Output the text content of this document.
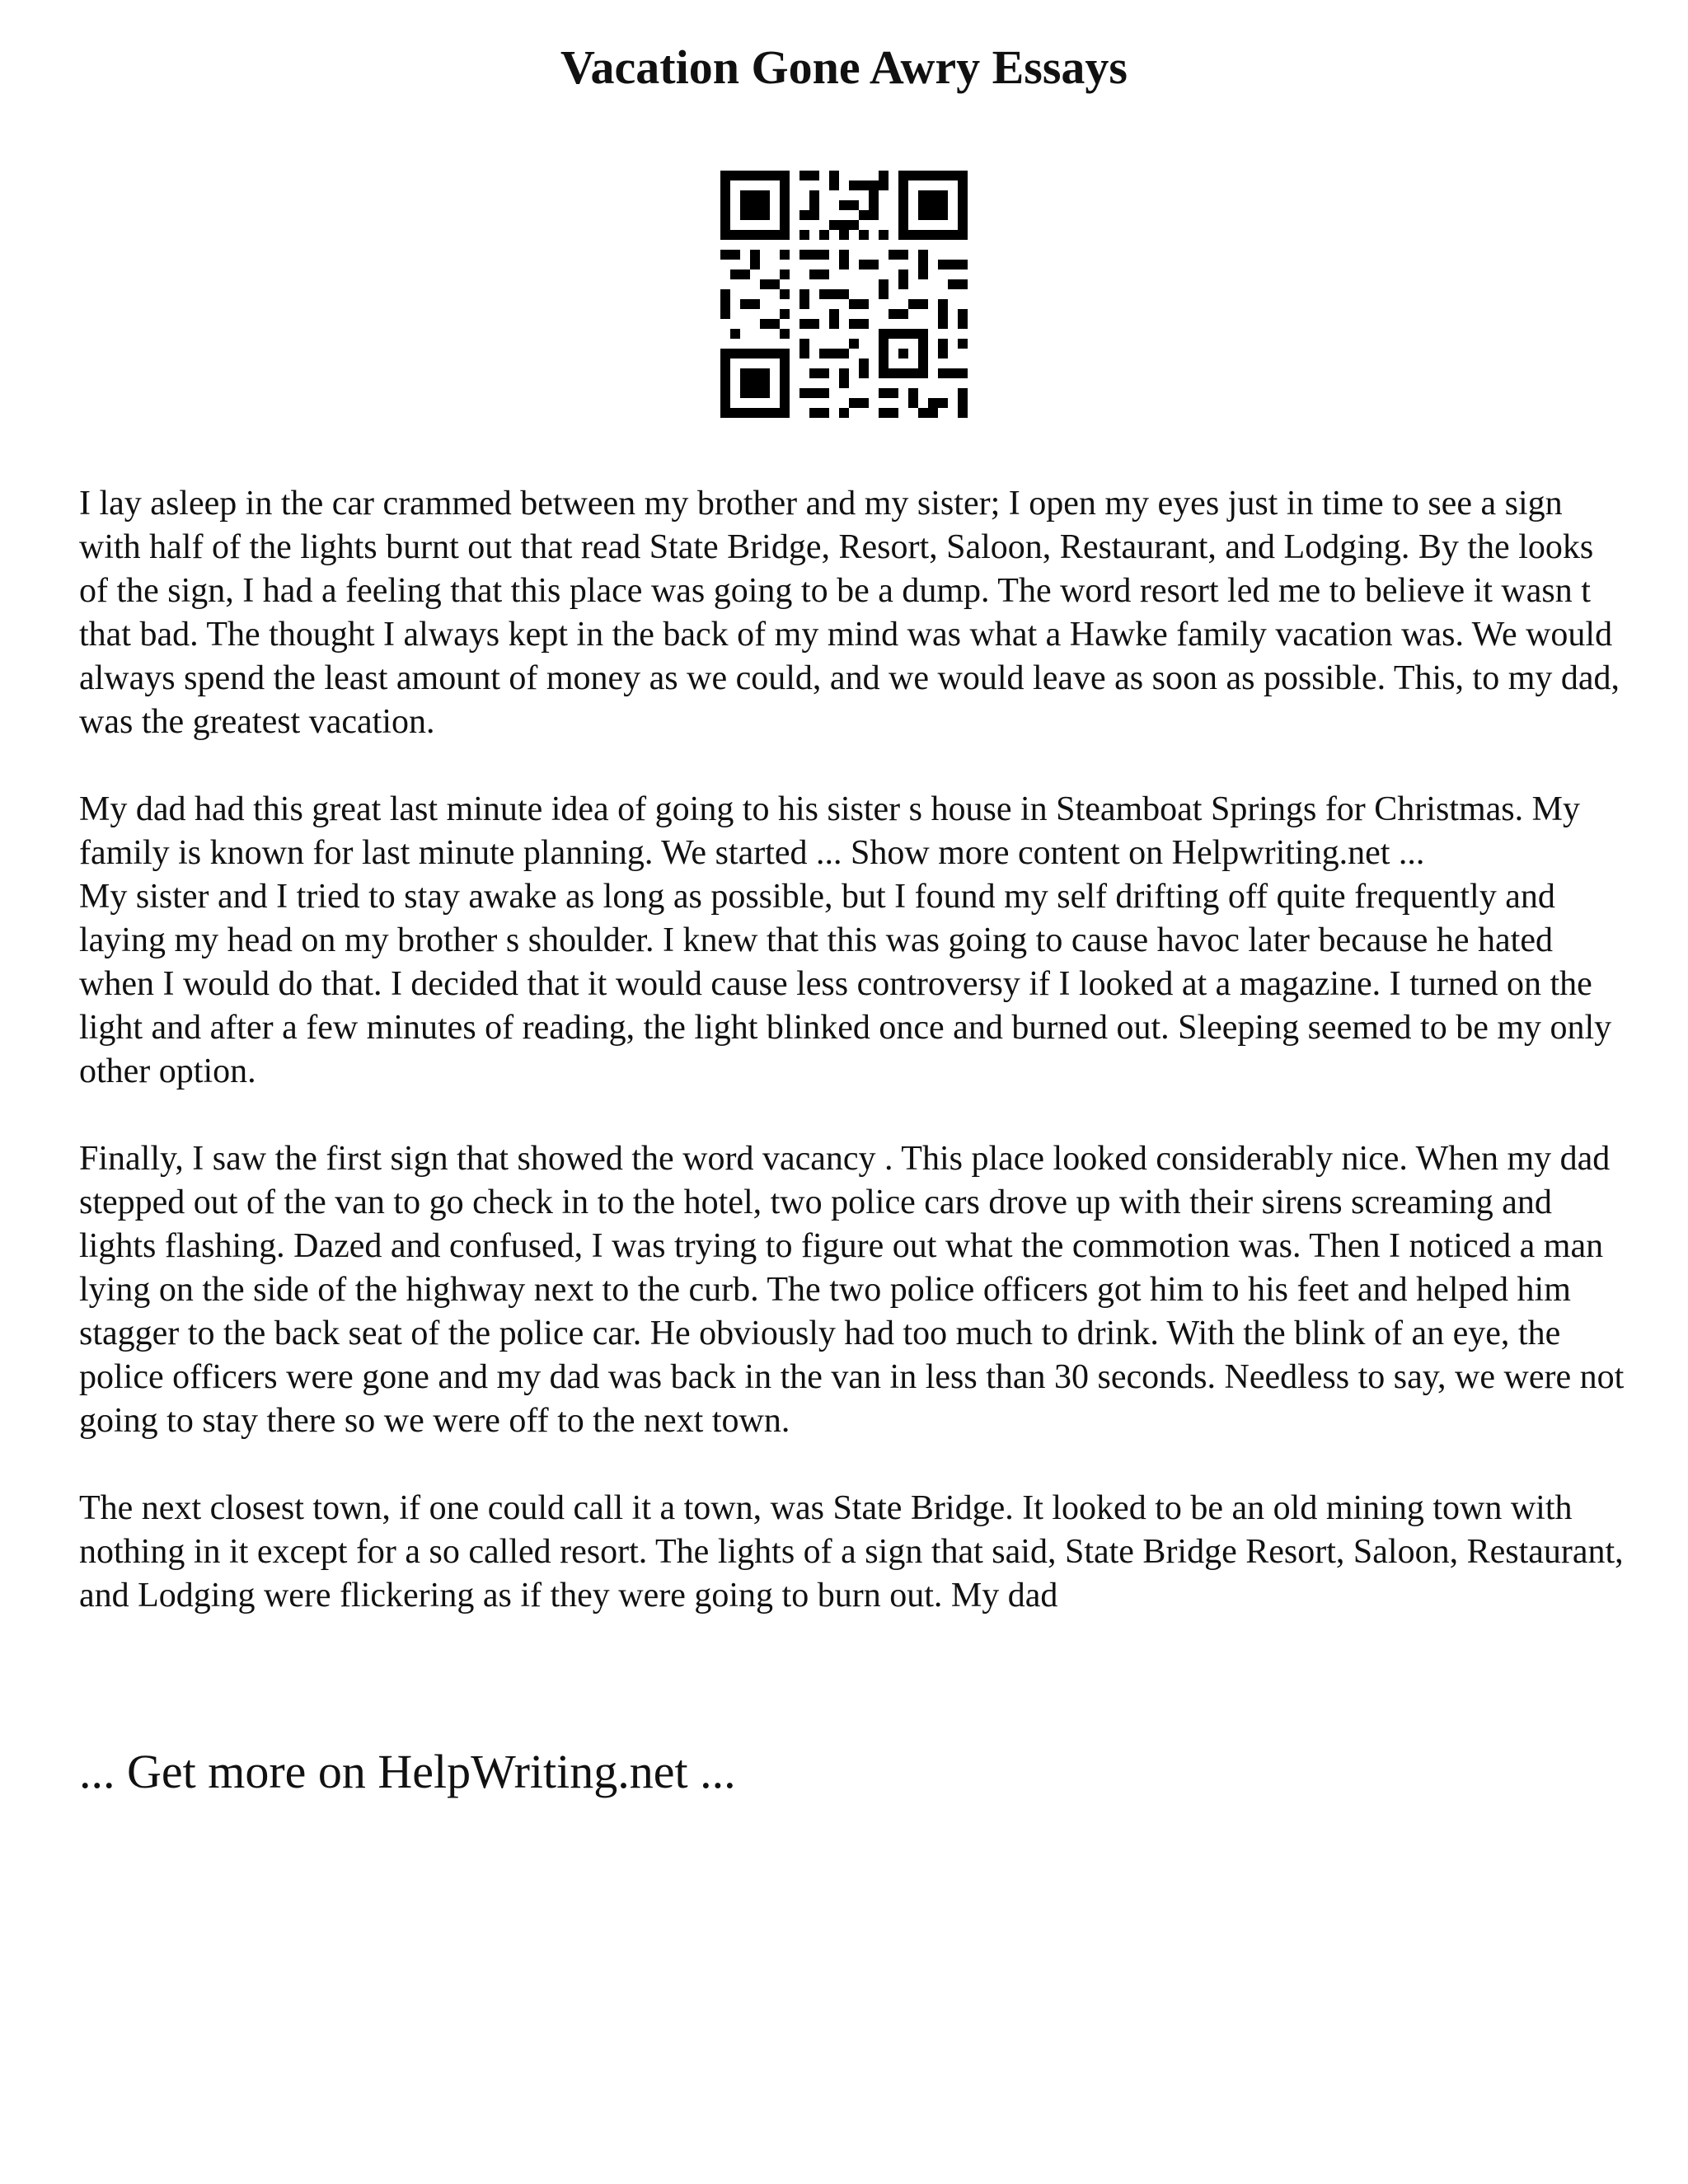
Vacation Gone Awry Essays

I lay asleep in the car crammed between my brother and my sister; I open my eyes just in time to see a sign with half of the lights burnt out that read State Bridge, Resort, Saloon, Restaurant, and Lodging. By the looks of the sign, I had a feeling that this place was going to be a dump. The word resort led me to believe it wasn t that bad. The thought I always kept in the back of my mind was what a Hawke family vacation was. We would always spend the least amount of money as we could, and we would leave as soon as possible. This, to my dad, was the greatest vacation.

My dad had this great last minute idea of going to his sister s house in Steamboat Springs for Christmas. My family is known for last minute planning. We started ... Show more content on Helpwriting.net ...

My sister and I tried to stay awake as long as possible, but I found my self drifting off quite frequently and laying my head on my brother s shoulder. I knew that this was going to cause havoc later because he hated when I would do that. I decided that it would cause less controversy if I looked at a magazine. I turned on the light and after a few minutes of reading, the light blinked once and burned out. Sleeping seemed to be my only other option.

Finally, I saw the first sign that showed the word vacancy . This place looked considerably nice. When my dad stepped out of the van to go check in to the hotel, two police cars drove up with their sirens screaming and lights flashing. Dazed and confused, I was trying to figure out what the commotion was. Then I noticed a man lying on the side of the highway next to the curb. The two police officers got him to his feet and helped him stagger to the back seat of the police car. He obviously had too much to drink. With the blink of an eye, the police officers were gone and my dad was back in the van in less than 30 seconds. Needless to say, we were not going to stay there so we were off to the next town.

The next closest town, if one could call it a town, was State Bridge. It looked to be an old mining town with nothing in it except for a so called resort. The lights of a sign that said, State Bridge Resort, Saloon, Restaurant, and Lodging were flickering as if they were going to burn out. My dad

... Get more on HelpWriting.net ...
